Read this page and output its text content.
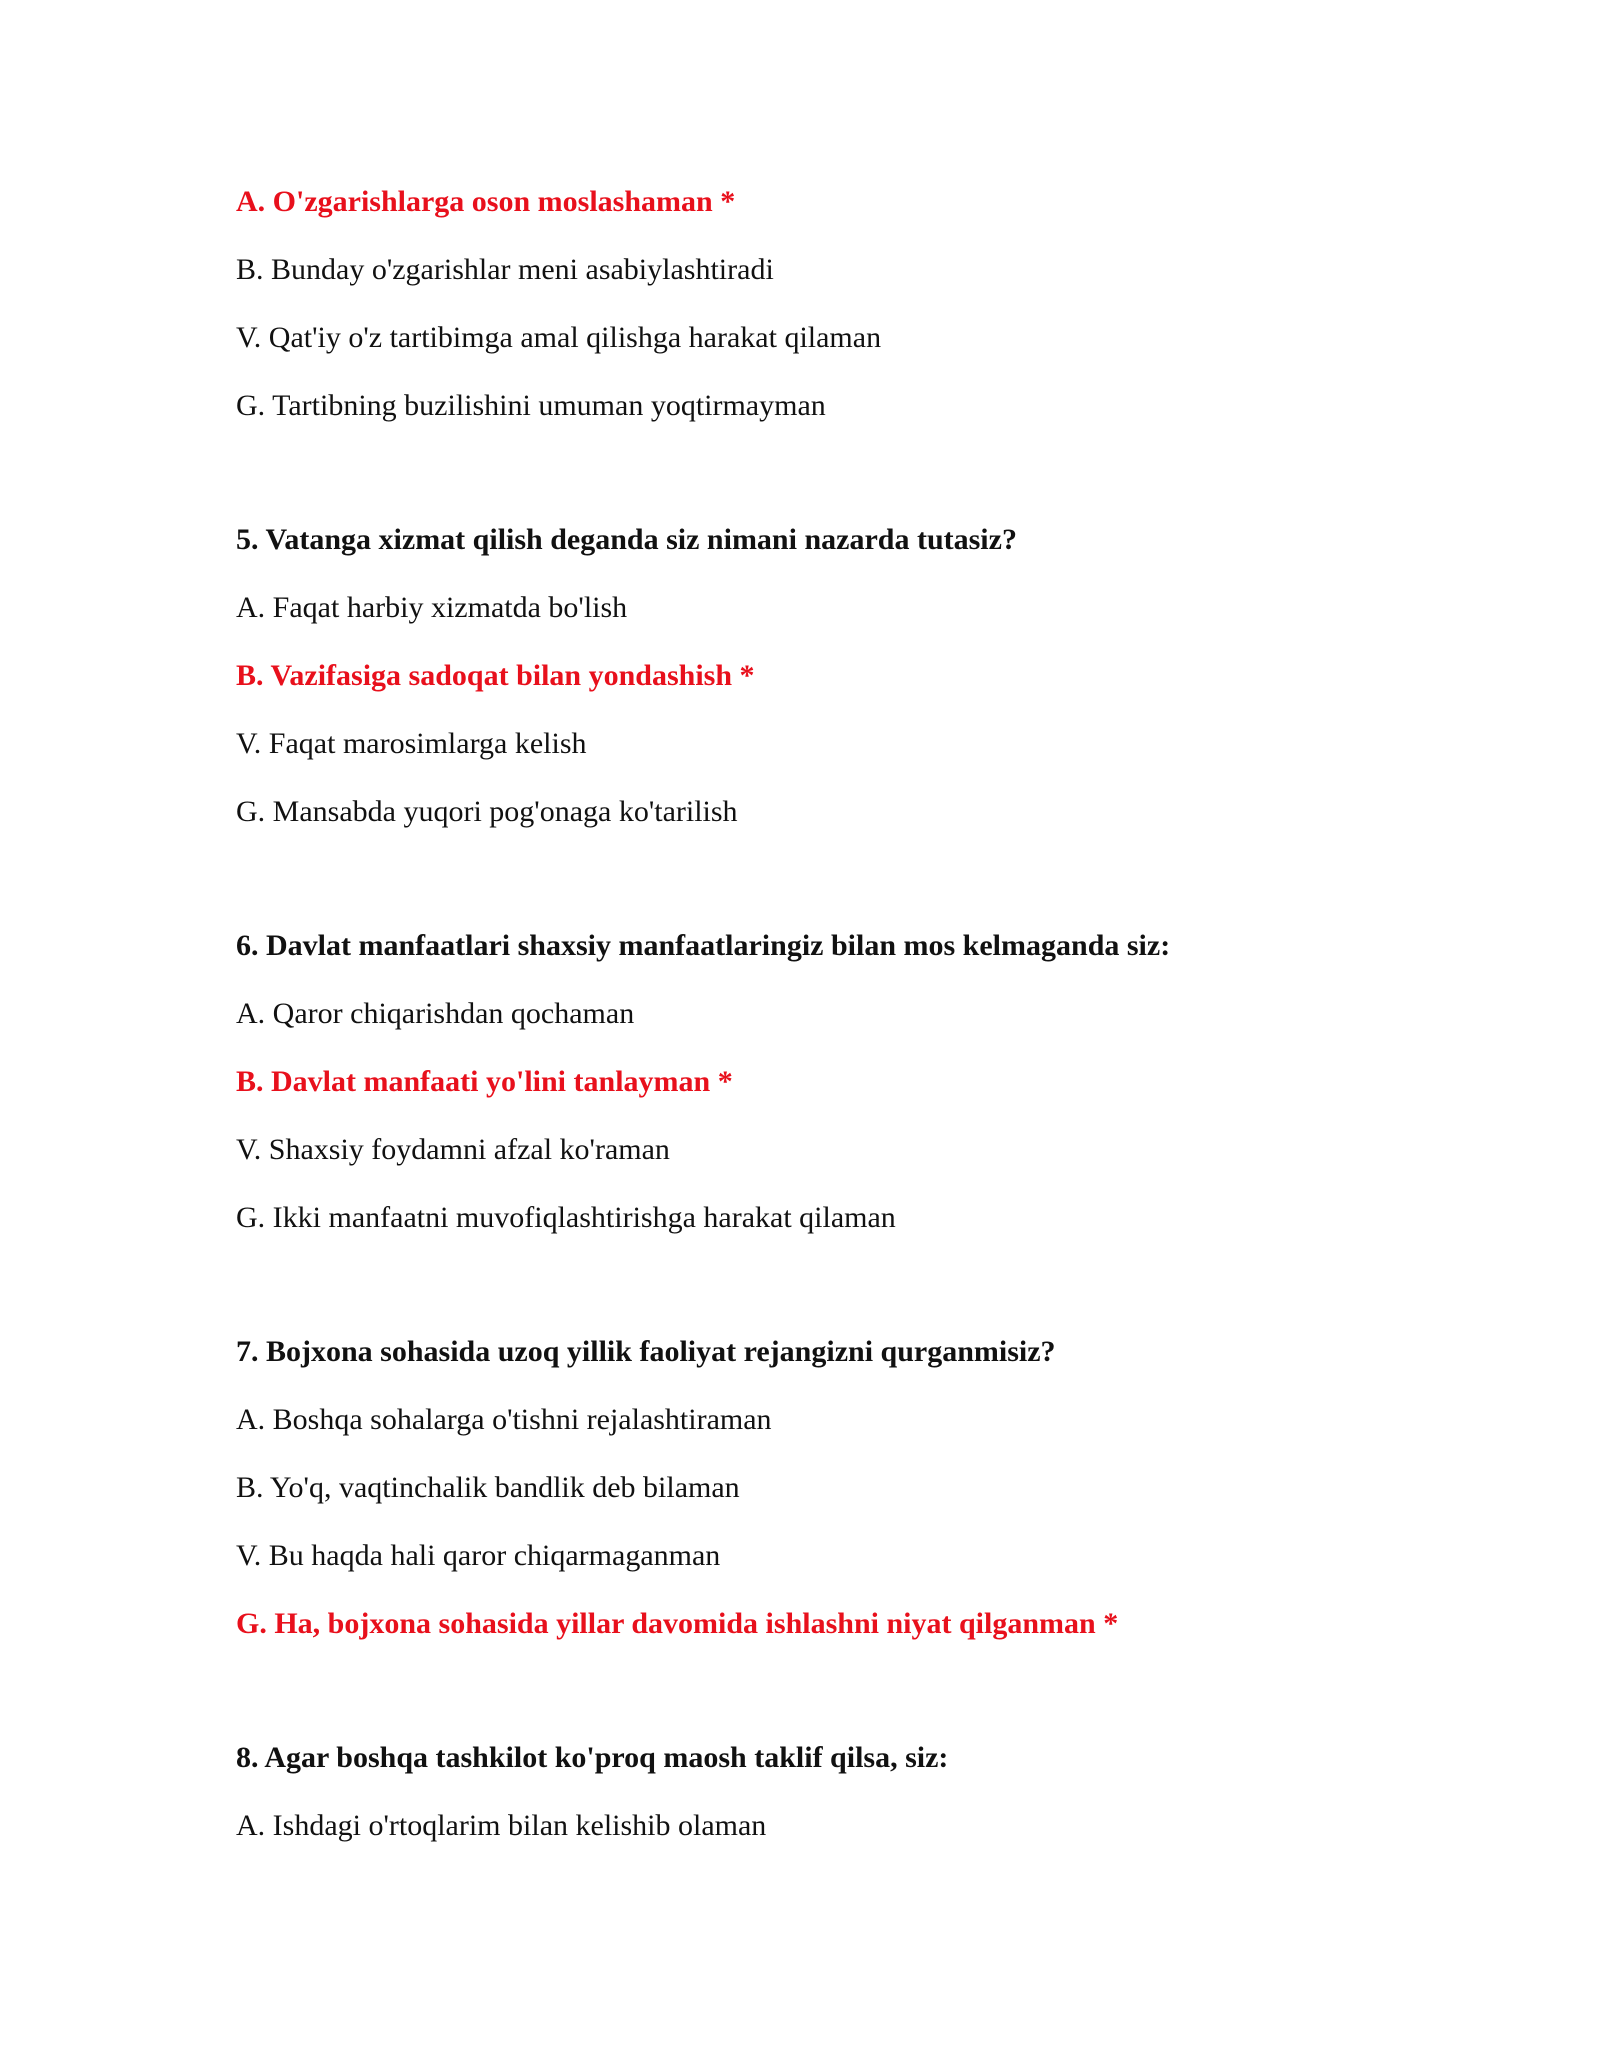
A. O'zgarishlarga oson moslashaman *
B. Bunday o'zgarishlar meni asabiylashtiradi
V. Qat'iy o'z tartibimga amal qilishga harakat qilaman
G. Tartibning buzilishini umuman yoqtirmayman
5. Vatanga xizmat qilish deganda siz nimani nazarda tutasiz?
A. Faqat harbiy xizmatda bo'lish
B. Vazifasiga sadoqat bilan yondashish *
V. Faqat marosimlarga kelish
G. Mansabda yuqori pog'onaga ko'tarilish
6. Davlat manfaatlari shaxsiy manfaatlaringiz bilan mos kelmaganda siz:
A. Qaror chiqarishdan qochaman
B. Davlat manfaati yo'lini tanlayman *
V. Shaxsiy foydamni afzal ko'raman
G. Ikki manfaatni muvofiqlashtirishga harakat qilaman
7. Bojxona sohasida uzoq yillik faoliyat rejangizni qurganmisiz?
A. Boshqa sohalarga o'tishni rejalashtiraman
B. Yo'q, vaqtinchalik bandlik deb bilaman
V. Bu haqda hali qaror chiqarmaganman
G. Ha, bojxona sohasida yillar davomida ishlashni niyat qilganman *
8. Agar boshqa tashkilot ko'proq maosh taklif qilsa, siz:
A. Ishdagi o'rtoqlarim bilan kelishib olaman
